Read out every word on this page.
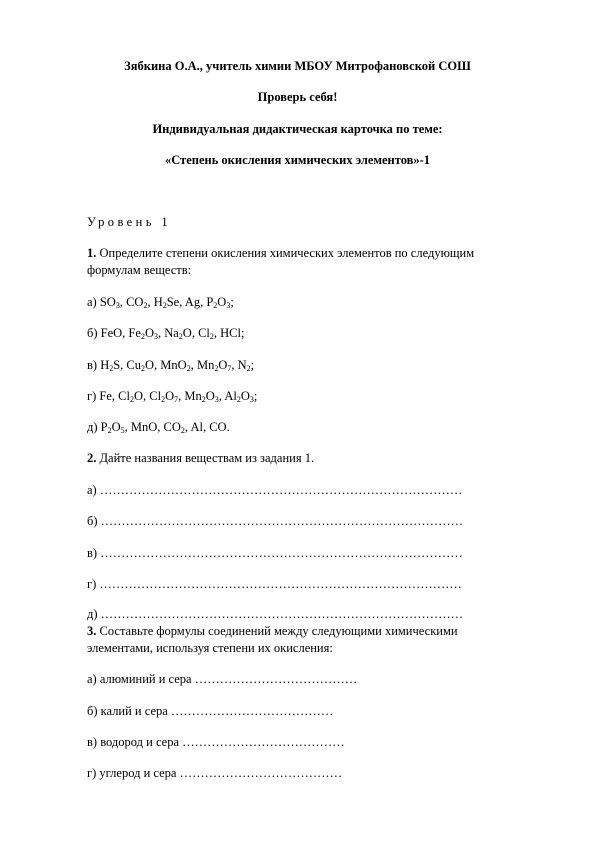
Зябкина О.А., учитель химии МБОУ Митрофановской СОШ
Проверь себя!
Индивидуальная дидактическая карточка по теме:
«Степень окисления химических элементов»-1
Уровень 1
1. Определите степени окисления химических элементов по следующим
формулам веществ:
а) $SO_3$, $CO_2$, $H_2Se$, Ag, $P_2O_3$;
б) FeO, $Fe_2O_3$, $Na_2O$, $Cl_2$, HCl;
в) $H_2S$, $Cu_2O$, MnO$_2$, $Mn_2O_7$, $N_2$;
г) Fe, $Cl_2O$, $Cl_2O_7$, $Mn_2O_3$, $Al_2O_3$;
д) $P_2O_5$, MnO, $CO_2$, Al, CO.
2. Дайте названия веществам из задания 1.
а) ……………………………………………………………………………
б) ……………………………………………………………………………
в) ……………………………………………………………………………
г) ……………………………………………………………………………
д) ……………………………………………………………………………
3. Составьте формулы соединений между следующими химическими
элементами, используя степени их окисления:
а) алюминий и сера …………………………………
б) калий и сера …………………………………
в) водород и сера …………………………………
г) углерод и сера …………………………………
